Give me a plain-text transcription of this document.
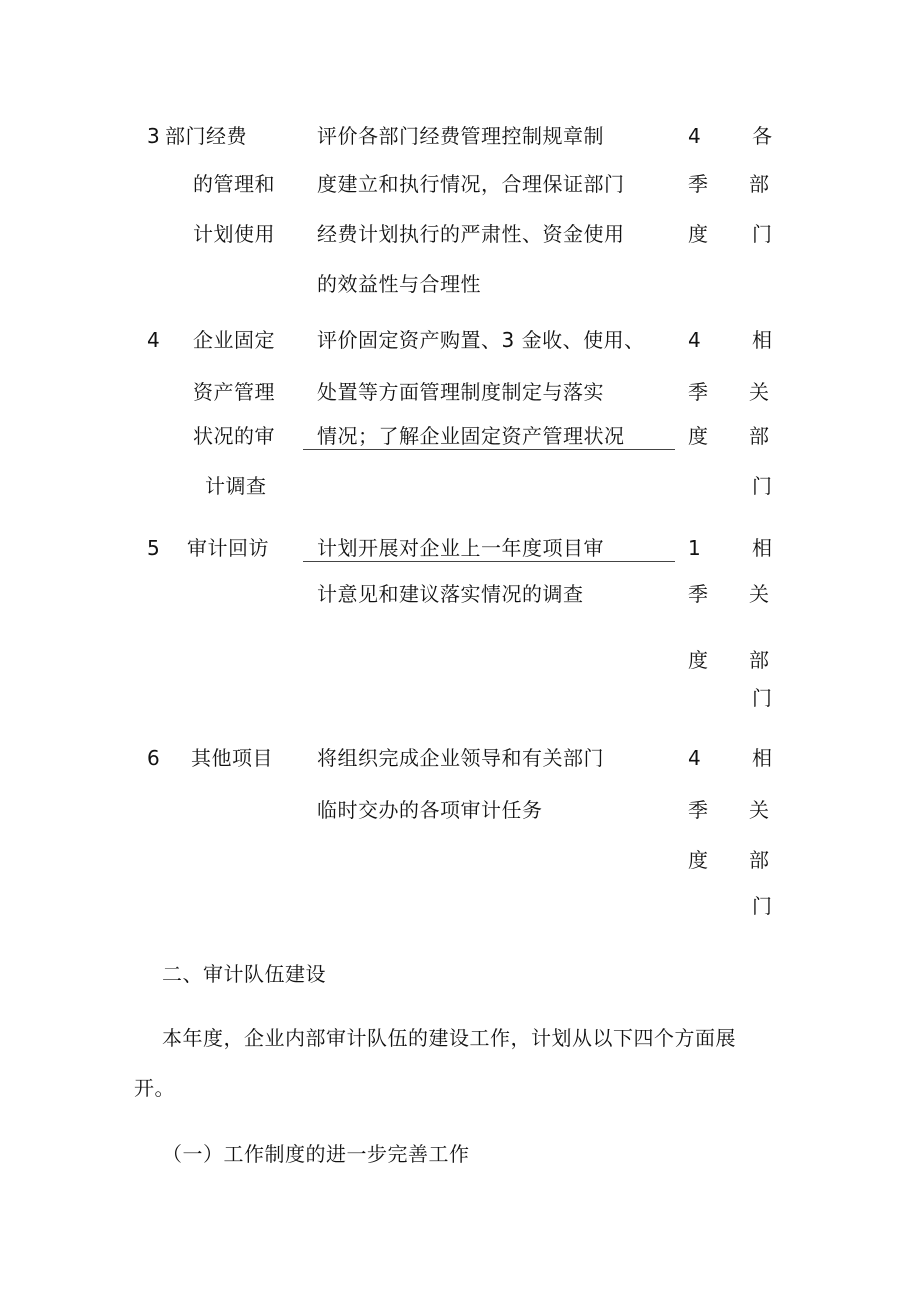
3 部门经费
的管理和
计划使用
评价各部门经费管理控制规章制
度建立和执行情况，合理保证部门
经费计划执行的严肃性、资金使用
的效益性与合理性
4
季
度
各
部
门
4 企业固定
资产管理
状况的审
计调查
评价固定资产购置、3 金收、使用、
处置等方面管理制度制定与落实
情况；了解企业固定资产管理状况
4
季
度
相
关
部
门
5 审计回访 计划开展对企业上一年度项目审
计意见和建议落实情况的调查
1
季
度
相
关
部
门
6 其他项目 将组织完成企业领导和有关部门
临时交办的各项审计任务
4
季
度
相
关
部
门
二、审计队伍建设
本年度，企业内部审计队伍的建设工作，计划从以下四个方面展
开。
（一）工作制度的进一步完善工作
